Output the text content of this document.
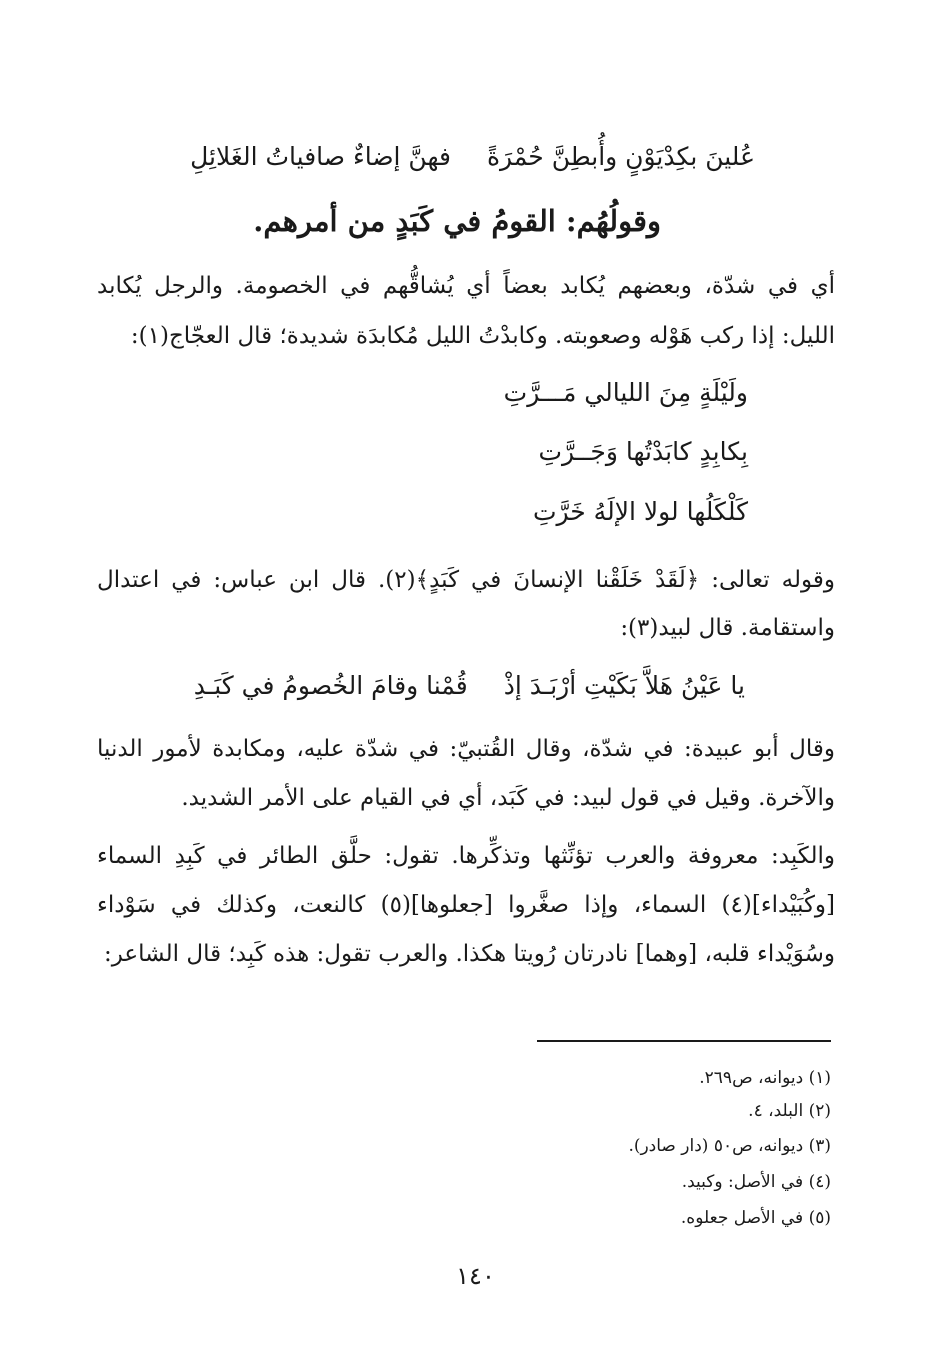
عُلينَ بكِدْيَوْنٍ وأُبطِنَّ حُمْرَةً
فهنَّ إضاءٌ صافياتُ الغَلائِلِ
وقولُهُم: القومُ في كَبَدٍ من أمرهم.
أي في شدّة، وبعضهم يُكابد بعضاً أي يُشاقُّهم في الخصومة. والرجل يُكابد
الليل: إذا ركب هَوْله وصعوبته. وكابدْتُ الليل مُكابدَة شديدة؛ قال العجّاج(١):
ولَيْلَةٍ مِنَ الليالي مَـــرَّتِ
بِكابِدٍ كابَدْتُها وَجَــرَّتِ
كَلْكَلُها لولا الإلَهُ خَرَّتِ
وقوله تعالى: ﴿لَقَدْ خَلَقْنا الإنسانَ في كَبَدٍ﴾(٢). قال ابن عباس: في اعتدال
واستقامة. قال لبيد(٣):
يا عَيْنُ هَلاَّ بَكَيْتِ أرْبَـدَ إذْ
قُمْنا وقامَ الخُصومُ في كَبَـدِ
وقال أبو عبيدة: في شدّة، وقال القُتبيّ: في شدّة عليه، ومكابدة لأمور الدنيا
والآخرة. وقيل في قول لبيد: في كَبَد، أي في القيام على الأمر الشديد.
والكَبِد: معروفة والعرب تؤنِّثها وتذكِّرها. تقول: حلَّق الطائر في كَبِدِ السماء
[وكُبَيْداء](٤) السماء، وإذا صغَّروا [جعلوها](٥) كالنعت، وكذلك في سَوْداء
وسُوَيْداء قلبه، [وهما] نادرتان رُويتا هكذا. والعرب تقول: هذه كَبِد؛ قال الشاعر:
(١) ديوانه، ص٢٦٩.
(٢) البلد، ٤.
(٣) ديوانه، ص٥٠ (دار صادر).
(٤) في الأصل: وكبيد.
(٥) في الأصل جعلوه.
١٤٠
